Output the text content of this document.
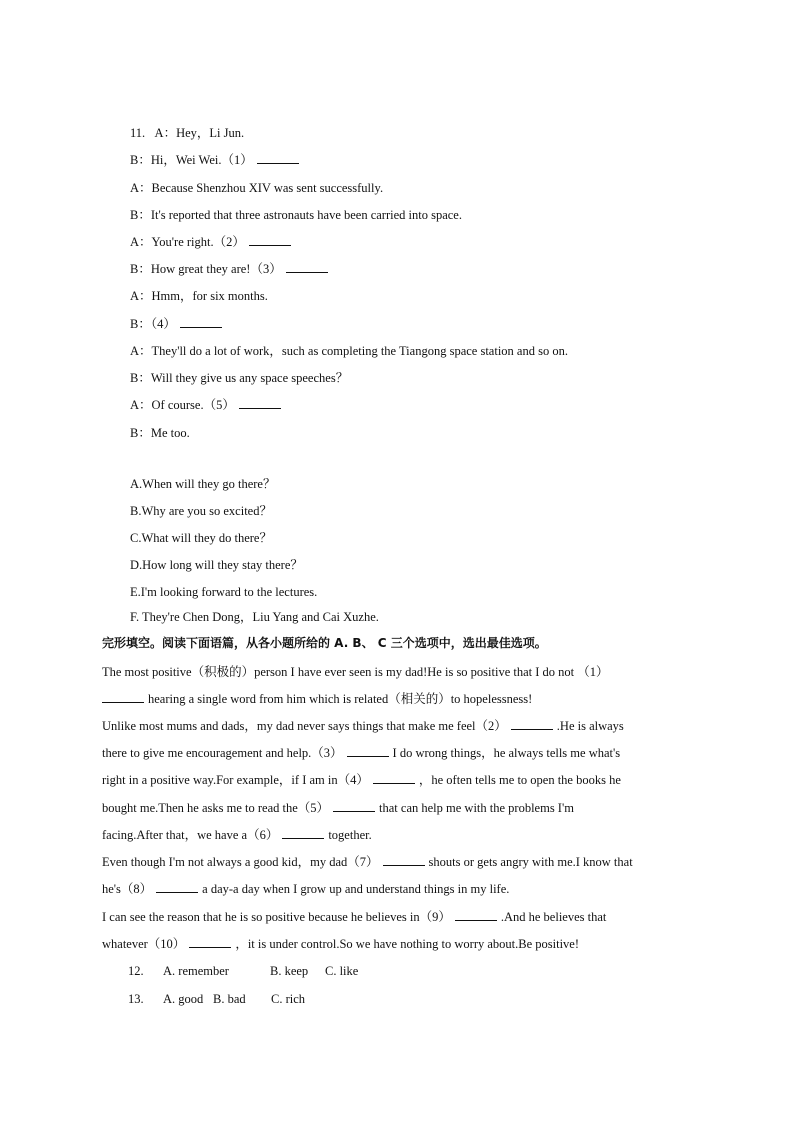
11. A：Hey，Li Jun.
B：Hi，Wei Wei.（1）
A：Because Shenzhou XIV was sent successfully.
B：It's reported that three astronauts have been carried into space.
A：You're right.（2）
B：How great they are!（3）
A：Hmm，for six months.
B：（4）
A：They'll do a lot of work，such as completing the Tiangong space station and so on.
B：Will they give us any space speeches？
A：Of course.（5）
B：Me too.
A.When will they go there？
B.Why are you so excited？
C.What will they do there？
D.How long will they stay there？
E.I'm looking forward to the lectures.
F. They're Chen Dong，Liu Yang and Cai Xuzhe.
完形填空。阅读下面语篇，从各小题所给的 A. B、 C 三个选项中，选出最佳选项。
The most positive（积极的）person I have ever seen is my dad!He is so positive that I do not （1）
hearing a single word from him which is related（相关的）to hopelessness!
Unlike most mums and dads，my dad never says things that make me feel（2）	.He is always
there to give me encouragement and help.（3）	I do wrong things，he always tells me what's
right in a positive way.For example，if I am in（4）	，he often tells me to open the books he
bought me.Then he asks me to read the（5）	that can help me with the problems I'm
facing.After that，we have a（6）	together.
Even though I'm not always a good kid，my dad（7）	shouts or gets angry with me.I know that
he's（8）	a day-a day when I grow up and understand things in my life.
I can see the reason that he is so positive because he believes in（9）	.And he believes that
whatever（10）	，it is under control.So we have nothing to worry about.Be positive!
12. A. remember	B. keep C. like
13. A. good B. bad C. rich
